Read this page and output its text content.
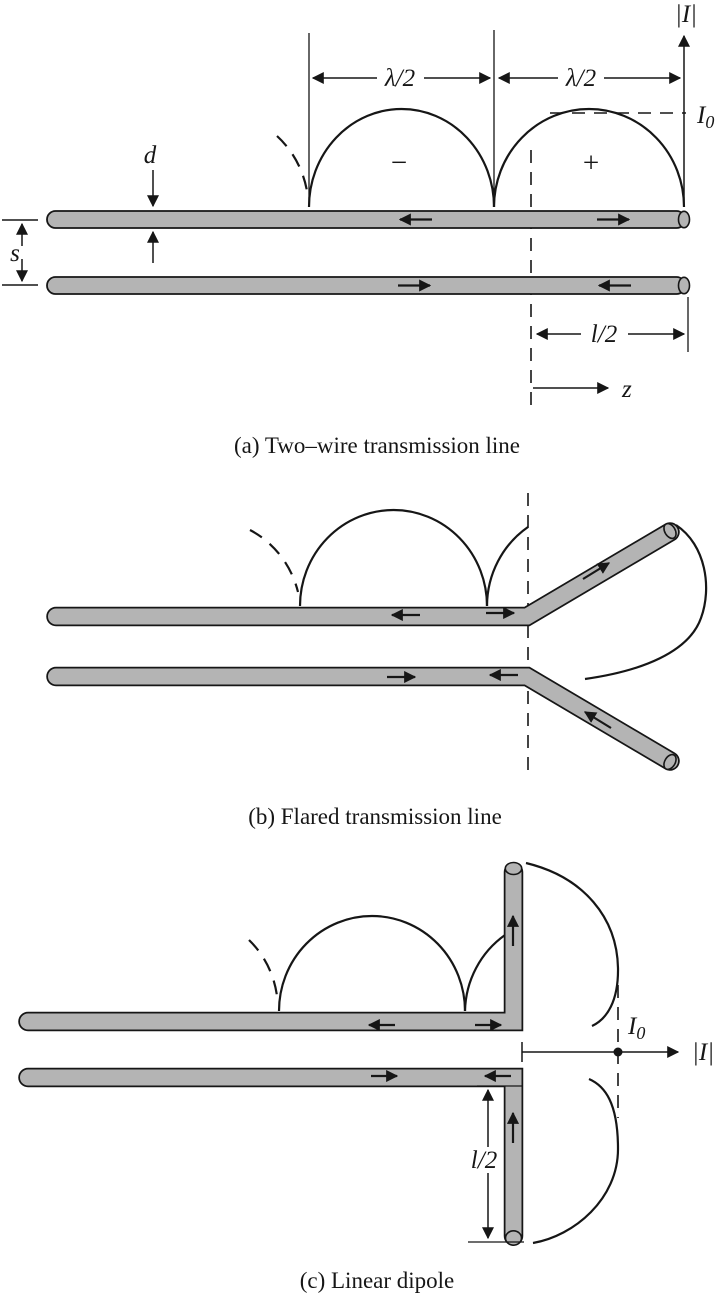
|I|
λ/2	λ/2
$I_0$
−	+
d
s
l/2
z
(a) Two–wire transmission line
(b) Flared transmission line
$I_0$
|I|
l/2
(c) Linear dipole
